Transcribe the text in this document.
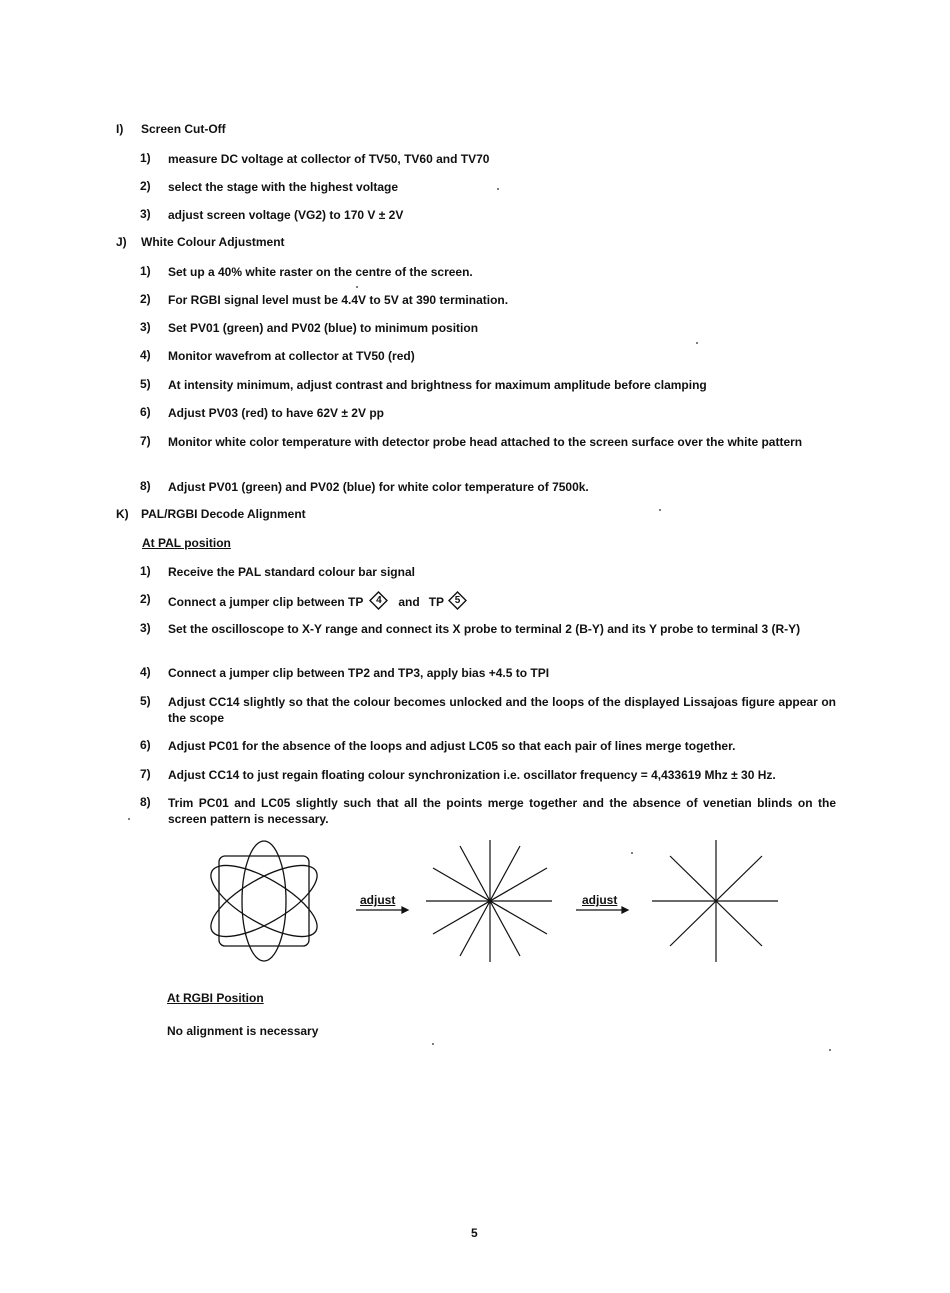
I) Screen Cut-Off
1) measure DC voltage at collector of TV50, TV60 and TV70
2) select the stage with the highest voltage
3) adjust screen voltage (VG2) to 170 V ± 2V
J) White Colour Adjustment
1) Set up a 40% white raster on the centre of the screen.
2) For RGBI signal level must be 4.4V to 5V at 390 termination.
3) Set PV01 (green) and PV02 (blue) to minimum position
4) Monitor wavefrom at collector at TV50 (red)
5) At intensity minimum, adjust contrast and brightness for maximum amplitude before clamping
6) Adjust PV03 (red) to have 62V ± 2V pp
7) Monitor white color temperature with detector probe head attached to the screen surface over the white pattern
8) Adjust PV01 (green) and PV02 (blue) for white color temperature of 7500k.
K) PAL/RGBI Decode Alignment
At PAL position
1) Receive the PAL standard colour bar signal
2) Connect a jumper clip between TP 4 and TP 5
3) Set the oscilloscope to X-Y range and connect its X probe to terminal 2 (B-Y) and its Y probe to terminal 3 (R-Y)
4) Connect a jumper clip between TP2 and TP3, apply bias +4.5 to TPI
5) Adjust CC14 slightly so that the colour becomes unlocked and the loops of the displayed Lissajoas figure appear on the scope
6) Adjust PC01 for the absence of the loops and adjust LC05 so that each pair of lines merge together.
7) Adjust CC14 to just regain floating colour synchronization i.e. oscillator frequency = 4,433619 Mhz ± 30 Hz.
8) Trim PC01 and LC05 slightly such that all the points merge together and the absence of venetian blinds on the screen pattern is necessary.
adjust	adjust
At RGBI Position
No alignment is necessary
5
